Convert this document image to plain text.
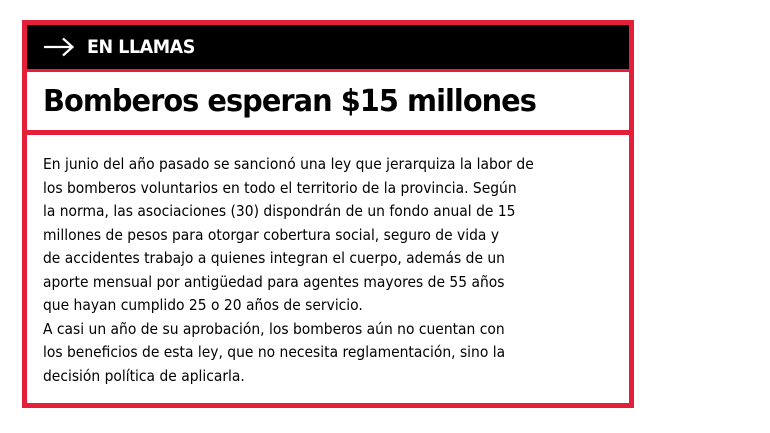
EN LLAMAS
Bomberos esperan $15 millones

En junio del año pasado se sancionó una ley que jerarquiza la labor de

los bomberos voluntarios en todo el territorio de la provincia. Según

la norma, las asociaciones (30) dispondrán de un fondo anual de 15

millones de pesos para otorgar cobertura social, seguro de vida y

de accidentes trabajo a quienes integran el cuerpo, además de un

aporte mensual por antigüedad para agentes mayores de 55 años

que hayan cumplido 25 o 20 años de servicio.

A casi un año de su aprobación, los bomberos aún no cuentan con

los beneficios de esta ley, que no necesita reglamentación, sino la

decisión política de aplicarla.
